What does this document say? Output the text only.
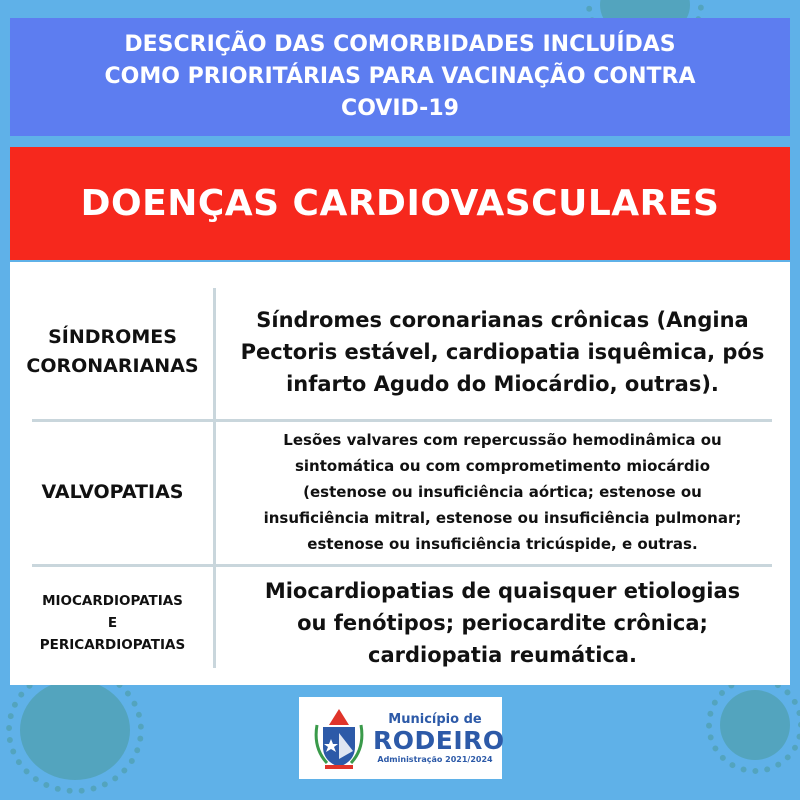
DESCRIÇÃO DAS COMORBIDADES INCLUÍDAS
COMO PRIORITÁRIAS PARA VACINAÇÃO CONTRA
COVID-19
DOENÇAS CARDIOVASCULARES
SÍNDROMES
CORONARIANAS
Síndromes coronarianas crônicas (Angina
Pectoris estável, cardiopatia isquêmica, pós
infarto Agudo do Miocárdio, outras).
VALVOPATIAS
Lesões valvares com repercussão hemodinâmica ou
sintomática ou com comprometimento miocárdio
(estenose ou insuficiência aórtica; estenose ou
insuficiência mitral, estenose ou insuficiência pulmonar;
estenose ou insuficiência tricúspide, e outras.
MIOCARDIOPATIAS
E
PERICARDIOPATIAS
Miocardiopatias de quaisquer etiologias
ou fenótipos; periocardite crônica;
cardiopatia reumática.
Município de
RODEIRO
Administração 2021/2024
